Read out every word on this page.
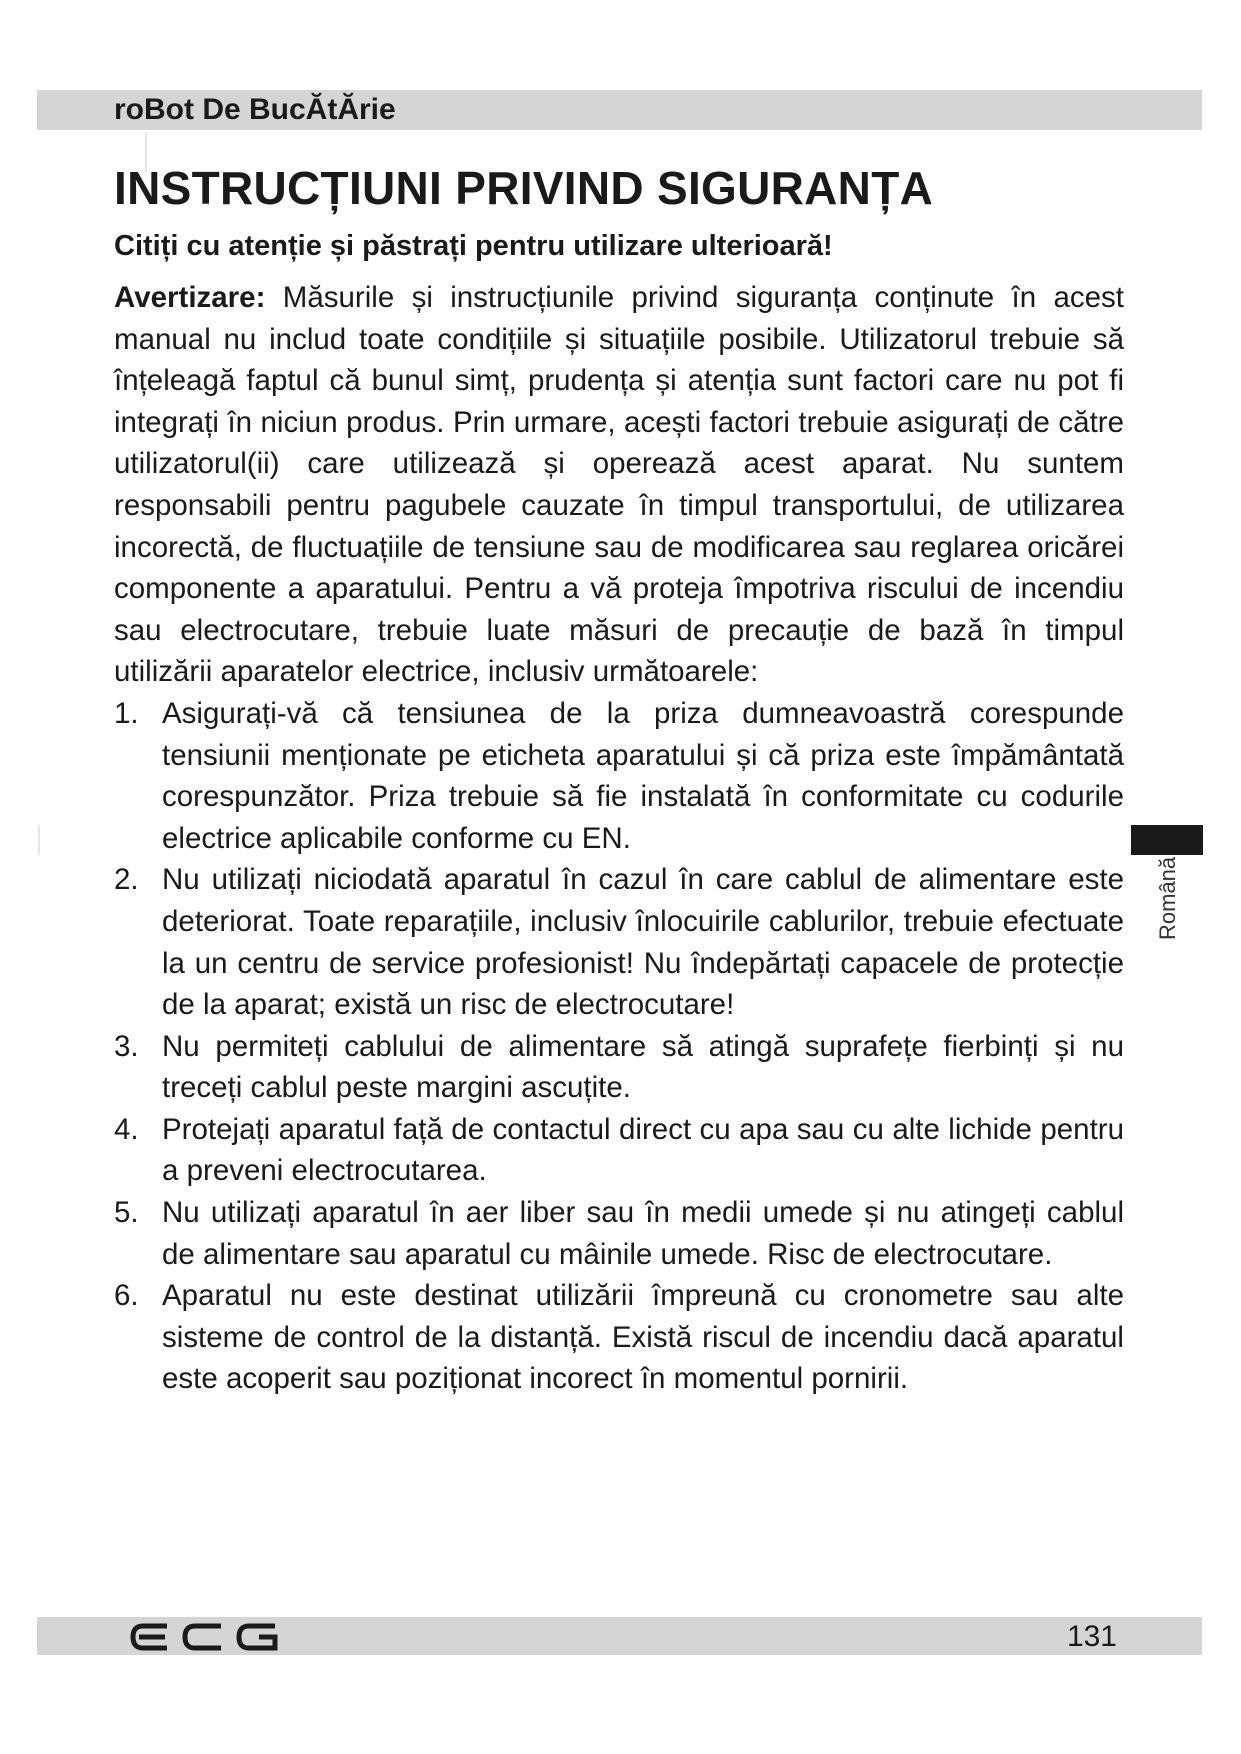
roBot De BucĂtĂrie
INSTRUCȚIUNI PRIVIND SIGURANȚA

Citiți cu atenție și păstrați pentru utilizare ulterioară!

Avertizare: Măsurile și instrucțiunile privind siguranța conținute în acest manual nu includ toate condițiile și situațiile posibile. Utilizatorul trebuie să înțeleagă faptul că bunul simț, prudența și atenția sunt factori care nu pot fi integrați în niciun produs. Prin urmare, acești factori trebuie asigurați de către utilizatorul(ii) care utilizează și operează acest aparat. Nu suntem responsabili pentru pagubele cauzate în timpul transportului, de utilizarea incorectă, de fluctuațiile de tensiune sau de modificarea sau reglarea oricărei componente a aparatului. Pentru a vă proteja împotriva riscului de incendiu sau electrocutare, trebuie luate măsuri de precauție de bază în timpul utilizării aparatelor electrice, inclusiv următoarele:

1. Asigurați-vă că tensiunea de la priza dumneavoastră corespunde tensiunii menționate pe eticheta aparatului și că priza este împământată corespunzător. Priza trebuie să fie instalată în conformitate cu codurile electrice aplicabile conforme cu EN.
2. Nu utilizați niciodată aparatul în cazul în care cablul de alimentare este deteriorat. Toate reparațiile, inclusiv înlocuirile cablurilor, trebuie efectuate la un centru de service profesionist! Nu îndepărtați capacele de protecție de la aparat; există un risc de electrocutare!
3. Nu permiteți cablului de alimentare să atingă suprafețe fierbinți și nu treceți cablul peste margini ascuțite.
4. Protejați aparatul față de contactul direct cu apa sau cu alte lichide pentru a preveni electrocutarea.
5. Nu utilizați aparatul în aer liber sau în medii umede și nu atingeți cablul de alimentare sau aparatul cu mâinile umede. Risc de electrocutare.
6. Aparatul nu este destinat utilizării împreună cu cronometre sau alte sisteme de control de la distanță. Există riscul de incendiu dacă aparatul este acoperit sau poziționat incorect în momentul pornirii.
Română
131
